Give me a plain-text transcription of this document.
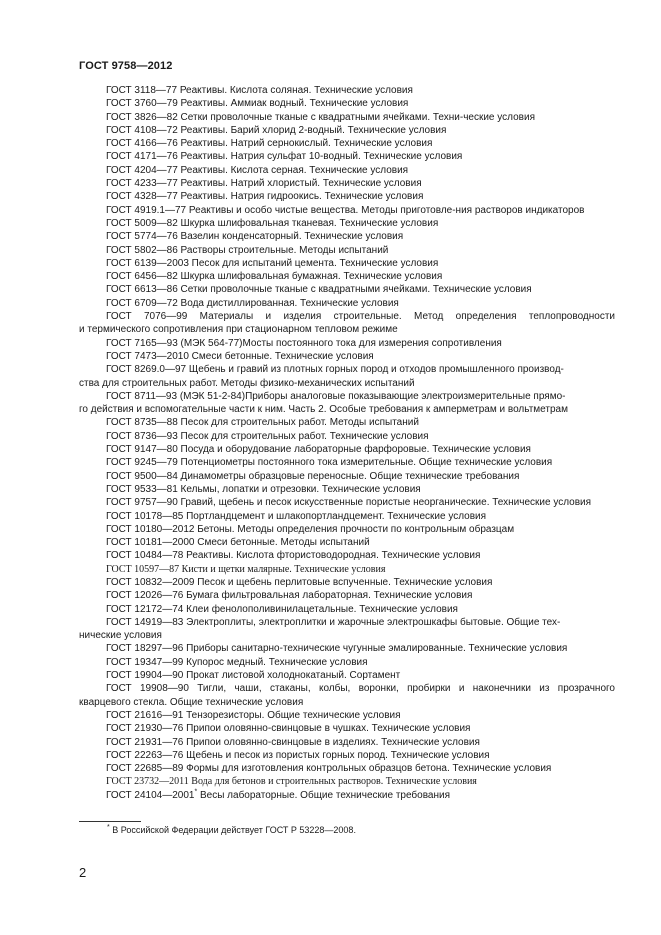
ГОСТ 9758—2012
ГОСТ 3118—77 Реактивы. Кислота соляная. Технические условия
ГОСТ 3760—79 Реактивы. Аммиак водный. Технические условия
ГОСТ 3826—82 Сетки проволочные тканые с квадратными ячейками. Техни-ческие условия
ГОСТ 4108—72 Реактивы. Барий хлорид 2-водный. Технические условия
ГОСТ 4166—76 Реактивы. Натрий сернокислый. Технические условия
ГОСТ 4171—76 Реактивы. Натрия сульфат 10-водный. Технические условия
ГОСТ 4204—77 Реактивы. Кислота серная. Технические условия
ГОСТ 4233—77 Реактивы. Натрий хлористый. Технические условия
ГОСТ 4328—77 Реактивы. Натрия гидроокись. Технические условия
ГОСТ 4919.1—77 Реактивы и особо чистые вещества. Методы приготовле-ния растворов индикаторов
ГОСТ 5009—82 Шкурка шлифовальная тканевая. Технические условия
ГОСТ 5774—76 Вазелин конденсаторный. Технические условия
ГОСТ 5802—86 Растворы строительные. Методы испытаний
ГОСТ 6139—2003 Песок для испытаний цемента. Технические условия
ГОСТ 6456—82 Шкурка шлифовальная бумажная. Технические условия
ГОСТ 6613—86 Сетки проволочные тканые с квадратными ячейками. Технические условия
ГОСТ 6709—72 Вода дистиллированная. Технические условия
ГОСТ 7076—99 Материалы и изделия строительные. Метод определения теплопроводности
и термического сопротивления при стационарном тепловом режиме
ГОСТ 7165—93 (МЭК 564-77)Мосты постоянного тока для измерения сопротивления
ГОСТ 7473—2010 Смеси бетонные. Технические условия
ГОСТ 8269.0—97 Щебень и гравий из плотных горных пород и отходов промышленного производ-
ства для строительных работ. Методы физико-механических испытаний
ГОСТ 8711—93 (МЭК 51-2-84)Приборы аналоговые показывающие электроизмерительные прямо-
го действия и вспомогательные части к ним. Часть 2. Особые требования к амперметрам и вольтметрам
ГОСТ 8735—88 Песок для строительных работ. Методы испытаний
ГОСТ 8736—93 Песок для строительных работ. Технические условия
ГОСТ 9147—80 Посуда и оборудование лабораторные фарфоровые. Технические условия
ГОСТ 9245—79 Потенциометры постоянного тока измерительные. Общие технические условия
ГОСТ 9500—84 Динамометры образцовые переносные. Общие технические требования
ГОСТ 9533—81 Кельмы, лопатки и отрезовки. Технические условия
ГОСТ 9757—90 Гравий, щебень и песок искусственные пористые неорганические. Технические условия
ГОСТ 10178—85 Портландцемент и шлакопортландцемент. Технические условия
ГОСТ 10180—2012 Бетоны. Методы определения прочности по контрольным образцам
ГОСТ 10181—2000 Смеси бетонные. Методы испытаний
ГОСТ 10484—78 Реактивы. Кислота фтористоводородная. Технические условия
ГОСТ 10597—87 Кисти и щетки малярные. Технические условия
ГОСТ 10832—2009 Песок и щебень перлитовые вспученные. Технические условия
ГОСТ 12026—76 Бумага фильтровальная лабораторная. Технические условия
ГОСТ 12172—74 Клеи фенолополивинилацетальные. Технические условия
ГОСТ 14919—83 Электроплиты, электроплитки и жарочные электрошкафы бытовые. Общие тех-
нические условия
ГОСТ 18297—96 Приборы санитарно-технические чугунные эмалированные. Технические условия
ГОСТ 19347—99 Купорос медный. Технические условия
ГОСТ 19904—90 Прокат листовой холоднокатаный. Сортамент
ГОСТ 19908—90 Тигли, чаши, стаканы, колбы, воронки, пробирки и наконечники из прозрачного
кварцевого стекла. Общие технические условия
ГОСТ 21616—91 Тензорезисторы. Общие технические условия
ГОСТ 21930—76 Припои оловянно-свинцовые в чушках. Технические условия
ГОСТ 21931—76 Припои оловянно-свинцовые в изделиях. Технические условия
ГОСТ 22263—76 Щебень и песок из пористых горных пород. Технические условия
ГОСТ 22685—89 Формы для изготовления контрольных образцов бетона. Технические условия
ГОСТ 23732—2011 Вода для бетонов и строительных растворов. Технические условия
ГОСТ 24104—2001* Весы лабораторные. Общие технические требования
* В Российской Федерации действует ГОСТ Р 53228—2008.
2
